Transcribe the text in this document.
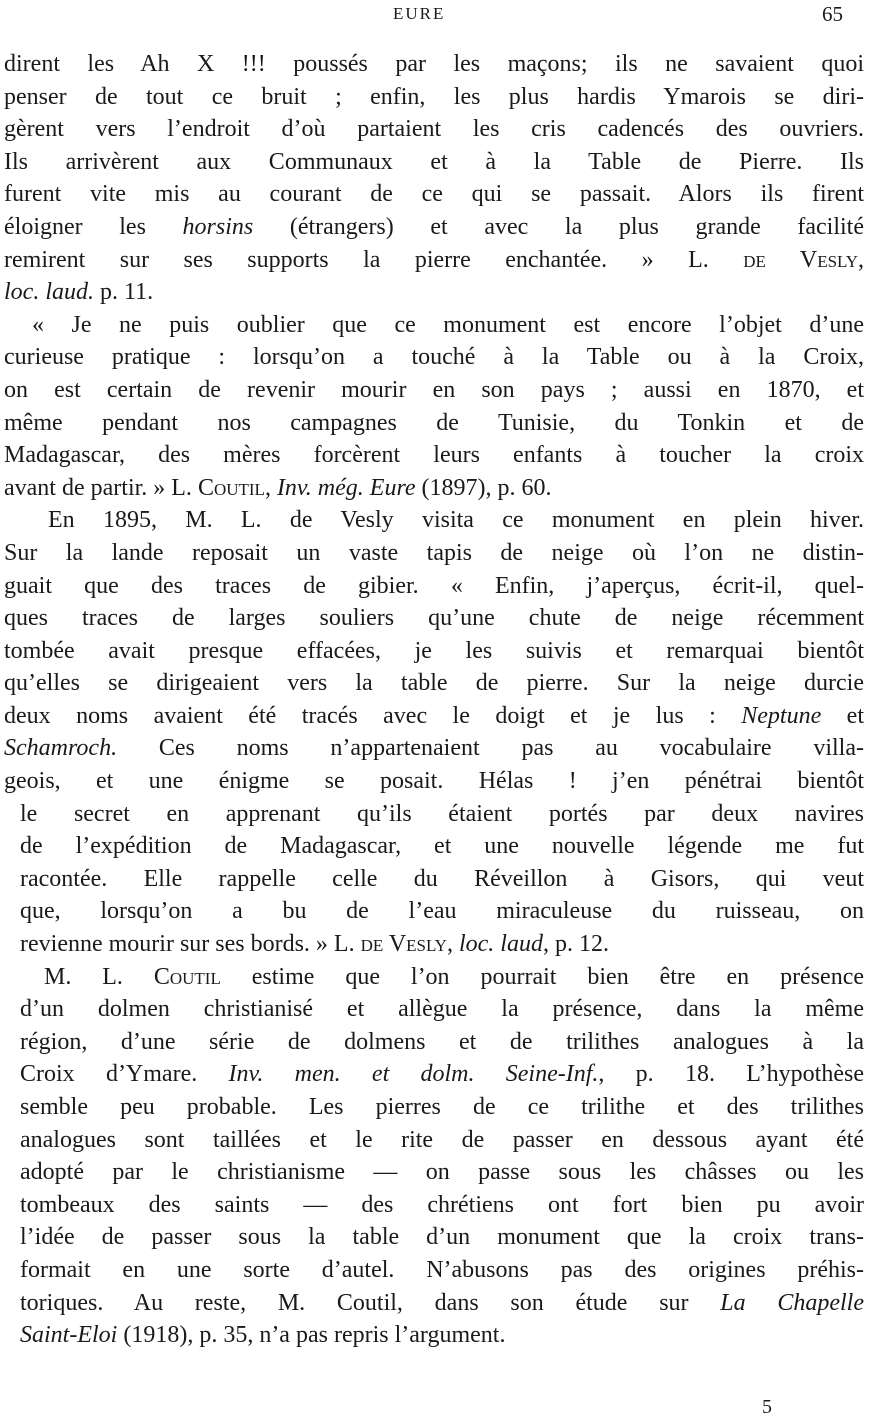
EURE	65
dirent les Ah X !!! poussés par les maçons; ils ne savaient quoi
penser de tout ce bruit ; enfin, les plus hardis Ymarois se diri-
gèrent vers l’endroit d’où partaient les cris cadencés des ouvriers.
Ils arrivèrent aux Communaux et à la Table de Pierre. Ils
furent vite mis au courant de ce qui se passait. Alors ils firent
éloigner les horsins (étrangers) et avec la plus grande facilité
remirent sur ses supports la pierre enchantée. » L. de Vesly,
loc. laud. p. 11.
« Je ne puis oublier que ce monument est encore l’objet d’une
curieuse pratique : lorsqu’on a touché à la Table ou à la Croix,
on est certain de revenir mourir en son pays ; aussi en 1870, et
même pendant nos campagnes de Tunisie, du Tonkin et de
Madagascar, des mères forcèrent leurs enfants à toucher la croix
avant de partir. » L. Coutil, Inv. még. Eure (1897), p. 60.
En 1895, M. L. de Vesly visita ce monument en plein hiver.
Sur la lande reposait un vaste tapis de neige où l’on ne distin-
guait que des traces de gibier. « Enfin, j’aperçus, écrit-il, quel-
ques traces de larges souliers qu’une chute de neige récemment
tombée avait presque effacées, je les suivis et remarquai bientôt
qu’elles se dirigeaient vers la table de pierre. Sur la neige durcie
deux noms avaient été tracés avec le doigt et je lus : Neptune et
Schamroch. Ces noms n’appartenaient pas au vocabulaire villa-
geois, et une énigme se posait. Hélas ! j’en pénétrai bientôt
le secret en apprenant qu’ils étaient portés par deux navires
de l’expédition de Madagascar, et une nouvelle légende me fut
racontée. Elle rappelle celle du Réveillon à Gisors, qui veut
que, lorsqu’on a bu de l’eau miraculeuse du ruisseau, on
revienne mourir sur ses bords. » L. de Vesly, loc. laud, p. 12.
M. L. Coutil estime que l’on pourrait bien être en présence
d’un dolmen christianisé et allègue la présence, dans la même
région, d’une série de dolmens et de trilithes analogues à la
Croix d’Ymare. Inv. men. et dolm. Seine-Inf., p. 18. L’hypothèse
semble peu probable. Les pierres de ce trilithe et des trilithes
analogues sont taillées et le rite de passer en dessous ayant été
adopté par le christianisme — on passe sous les châsses ou les
tombeaux des saints — des chrétiens ont fort bien pu avoir
l’idée de passer sous la table d’un monument que la croix trans-
formait en une sorte d’autel. N’abusons pas des origines préhis-
toriques. Au reste, M. Coutil, dans son étude sur La Chapelle
Saint-Eloi (1918), p. 35, n’a pas repris l’argument.
5
